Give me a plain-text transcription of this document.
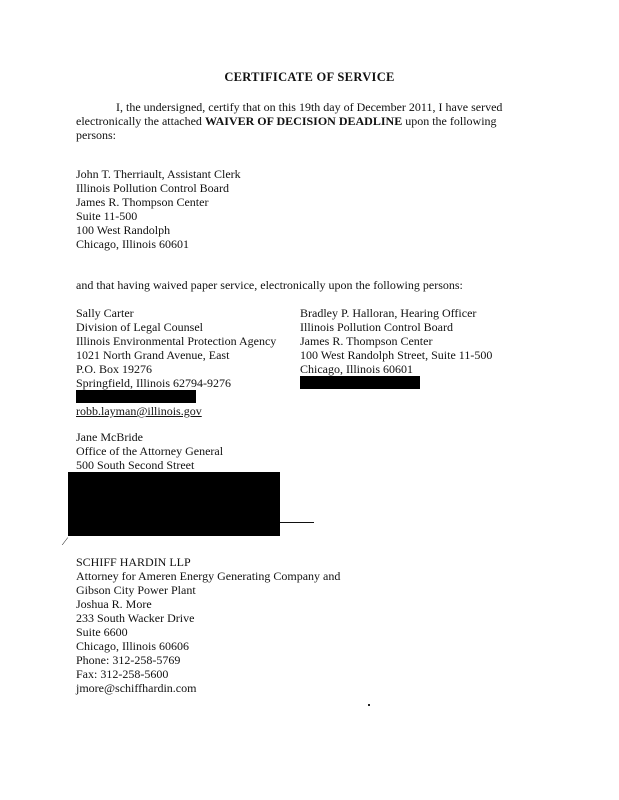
CERTIFICATE OF SERVICE
I, the undersigned, certify that on this 19th day of December 2011, I have served
electronically the attached WAIVER OF DECISION DEADLINE upon the following
persons:
John T. Therriault, Assistant Clerk
Illinois Pollution Control Board
James R. Thompson Center
Suite 11-500
100 West Randolph
Chicago, Illinois 60601
and that having waived paper service, electronically upon the following persons:
Sally Carter
Division of Legal Counsel
Illinois Environmental Protection Agency
1021 North Grand Avenue, East
P.O. Box 19276
Springfield, Illinois 62794-9276
robb.layman@illinois.gov
Bradley P. Halloran, Hearing Officer
Illinois Pollution Control Board
James R. Thompson Center
100 West Randolph Street, Suite 11-500
Chicago, Illinois 60601
Jane McBride
Office of the Attorney General
500 South Second Street
⁄
SCHIFF HARDIN LLP
Attorney for Ameren Energy Generating Company and
Gibson City Power Plant
Joshua R. More
233 South Wacker Drive
Suite 6600
Chicago, Illinois 60606
Phone: 312-258-5769
Fax: 312-258-5600
jmore@schiffhardin.com
